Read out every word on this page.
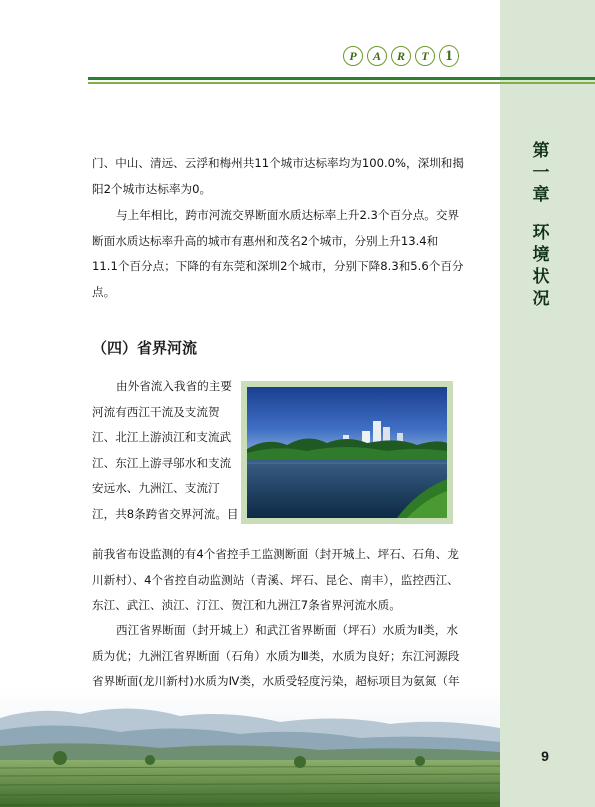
第
一
章
环
境
状
况
9
P	A	R	T	1

门、中山、清远、云浮和梅州共11个城市达标率均为100.0%，深圳和揭阳2个城市达标率为0。

与上年相比，跨市河流交界断面水质达标率上升2.3个百分点。交界断面水质达标率升高的城市有惠州和茂名2个城市，分别上升13.4和11.1个百分点；下降的有东莞和深圳2个城市，分别下降8.3和5.6个百分点。

（四）省界河流

由外省流入我省的主要河流有西江干流及支流贺江、北江上游浈江和支流武江、东江上游寻邬水和支流安远水、九洲江、支流汀江，共8条跨省交界河流。目

前我省布设监测的有4个省控手工监测断面（封开城上、坪石、石角、龙川新村）、4个省控自动监测站（青溪、坪石、昆仑、南丰），监控西江、东江、武江、浈江、汀江、贺江和九洲江7条省界河流水质。

西江省界断面（封开城上）和武江省界断面（坪石）水质为Ⅱ类，水质为优；九洲江省界断面（石角）水质为Ⅲ类，水质为良好；东江河源段省界断面(龙川新村)水质为Ⅳ类，水质受轻度污染，超标项目为氨氮（年
